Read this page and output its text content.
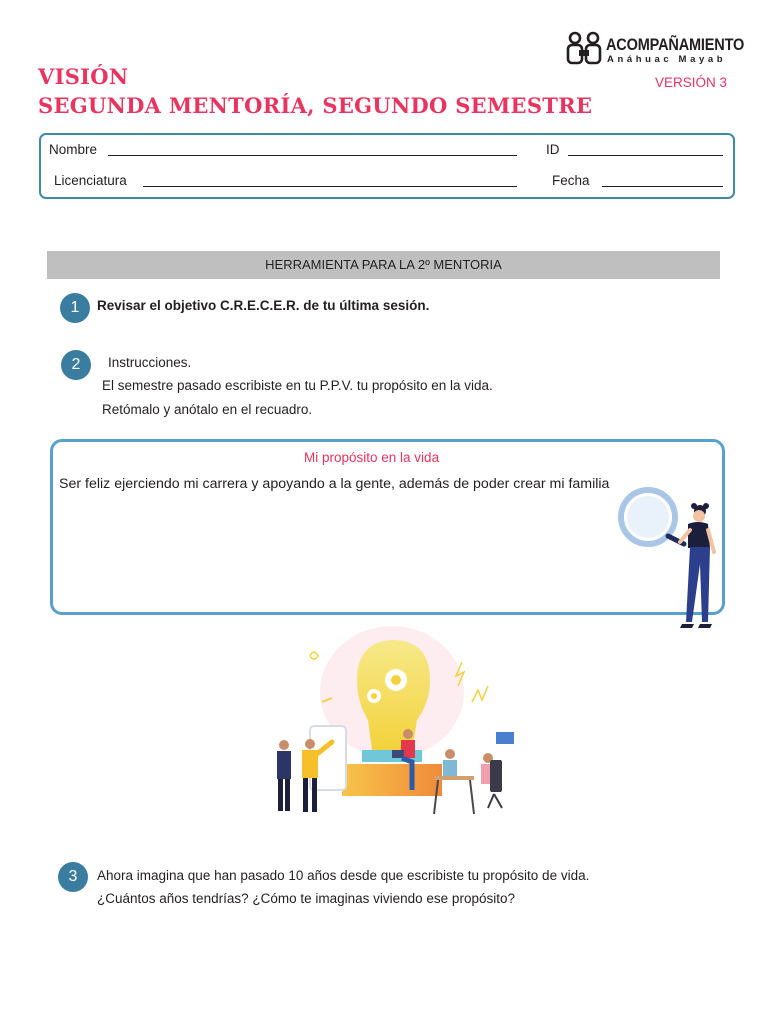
ACOMPAÑAMIENTO
Anáhuac Mayab
VERSIÓN 3
VISIÓN
SEGUNDA MENTORÍA, SEGUNDO SEMESTRE
Nombre	ID
Licenciatura	Fecha
HERRAMIENTA PARA LA 2º MENTORIA
1	Revisar el objetivo C.R.E.C.E.R. de tu última sesión.
2	Instrucciones.
El semestre pasado escribiste en tu P.P.V. tu propósito en la vida.
Retómalo y anótalo en el recuadro.
Mi propósito en la vida
Ser feliz ejerciendo mi carrera y apoyando a la gente, además de poder crear mi familia
3	Ahora imagina que han pasado 10 años desde que escribiste tu propósito de vida.
¿Cuántos años tendrías? ¿Cómo te imaginas viviendo ese propósito?
